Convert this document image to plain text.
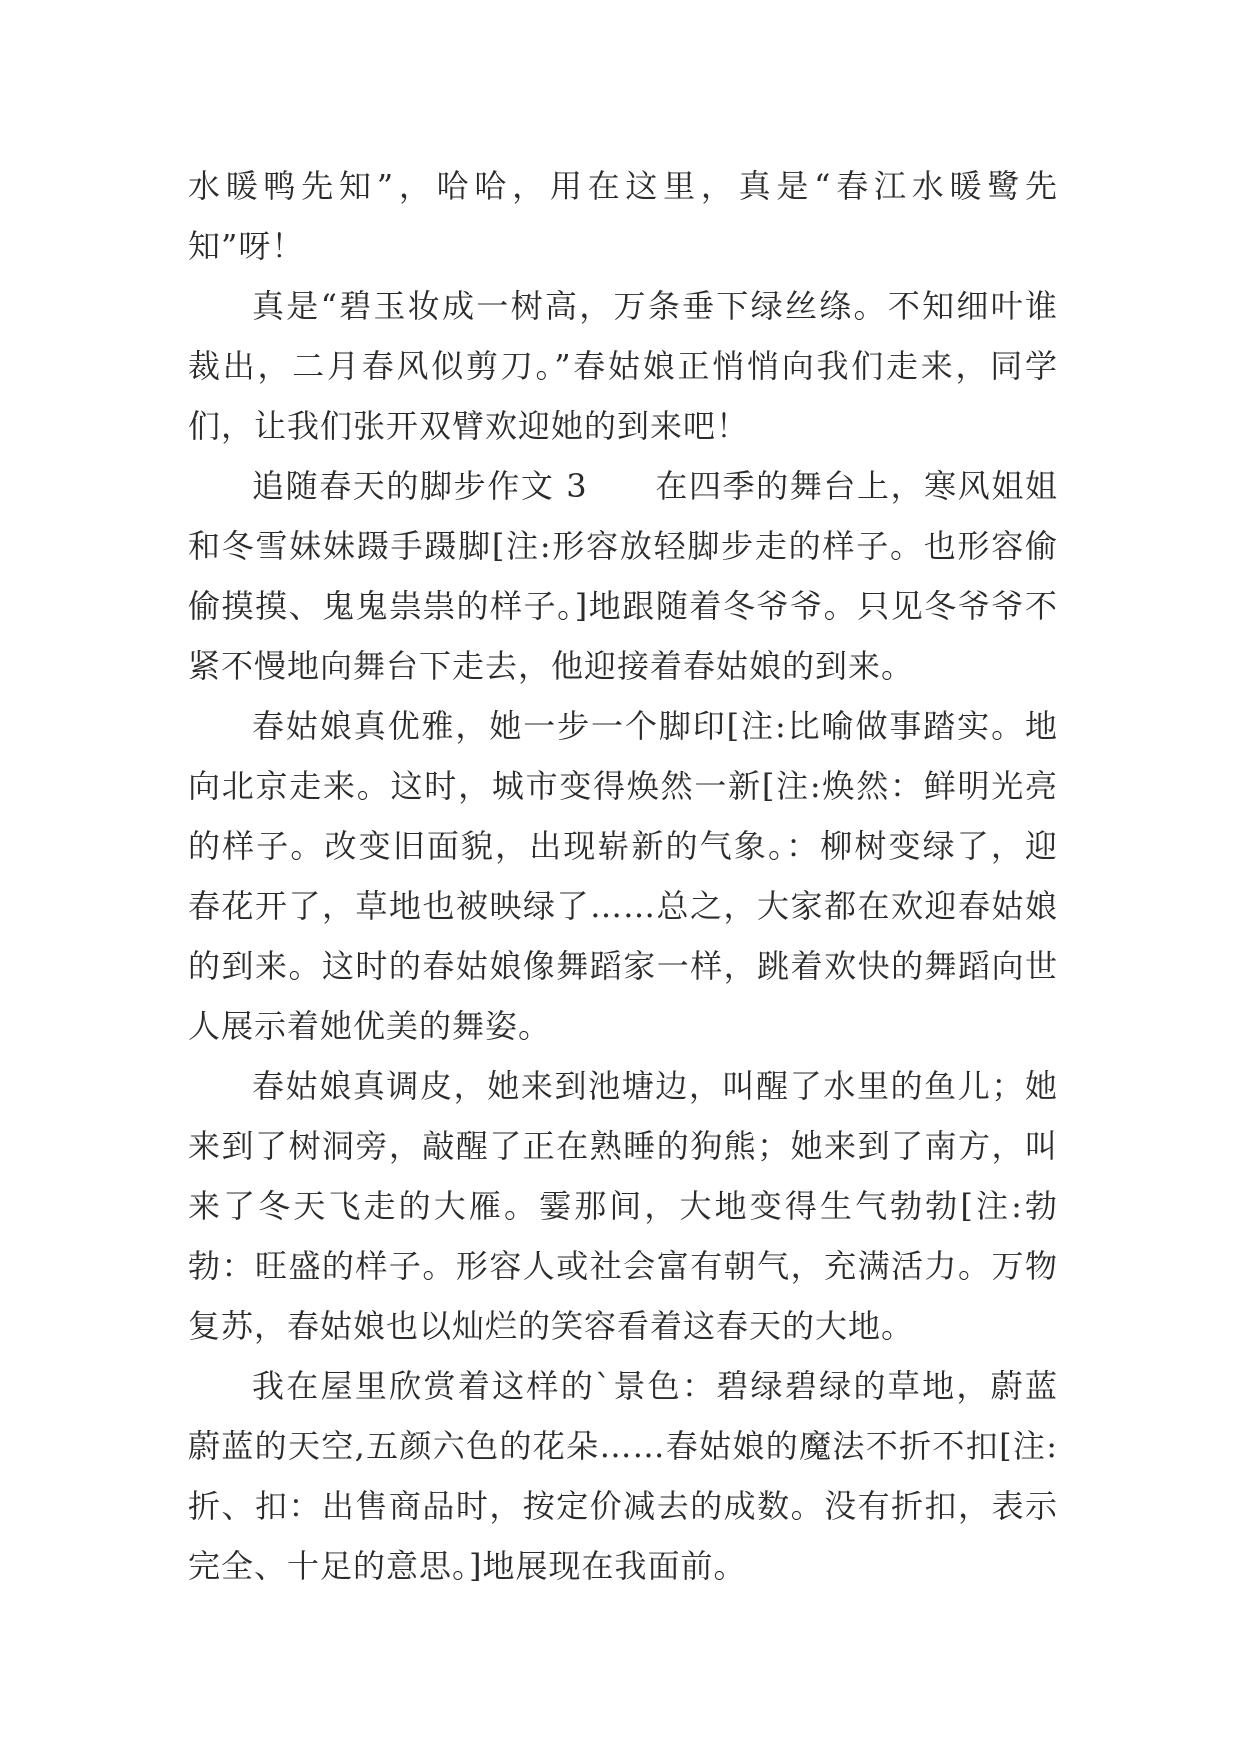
水暖鸭先知”，哈哈，用在这里，真是“春江水暖鹭先知”呀！

真是“碧玉妆成一树高，万条垂下绿丝绦。不知细叶谁裁出，二月春风似剪刀。”春姑娘正悄悄向我们走来，同学们，让我们张开双臂欢迎她的到来吧！

追随春天的脚步作文 3　　在四季的舞台上，寒风姐姐和冬雪妹妹蹑手蹑脚[注:形容放轻脚步走的样子。也形容偷偷摸摸、鬼鬼祟祟的样子。]地跟随着冬爷爷。只见冬爷爷不紧不慢地向舞台下走去，他迎接着春姑娘的到来。

春姑娘真优雅，她一步一个脚印[注:比喻做事踏实。地向北京走来。这时，城市变得焕然一新[注:焕然：鲜明光亮的样子。改变旧面貌，出现崭新的气象。：柳树变绿了，迎春花开了，草地也被映绿了……总之，大家都在欢迎春姑娘的到来。这时的春姑娘像舞蹈家一样，跳着欢快的舞蹈向世人展示着她优美的舞姿。

春姑娘真调皮，她来到池塘边，叫醒了水里的鱼儿；她来到了树洞旁，敲醒了正在熟睡的狗熊；她来到了南方，叫来了冬天飞走的大雁。霎那间，大地变得生气勃勃[注:勃勃：旺盛的样子。形容人或社会富有朝气，充满活力。万物复苏，春姑娘也以灿烂的笑容看着这春天的大地。

我在屋里欣赏着这样的`景色：碧绿碧绿的草地，蔚蓝蔚蓝的天空,五颜六色的花朵……春姑娘的魔法不折不扣[注:折、扣：出售商品时，按定价减去的成数。没有折扣，表示完全、十足的意思。]地展现在我面前。
